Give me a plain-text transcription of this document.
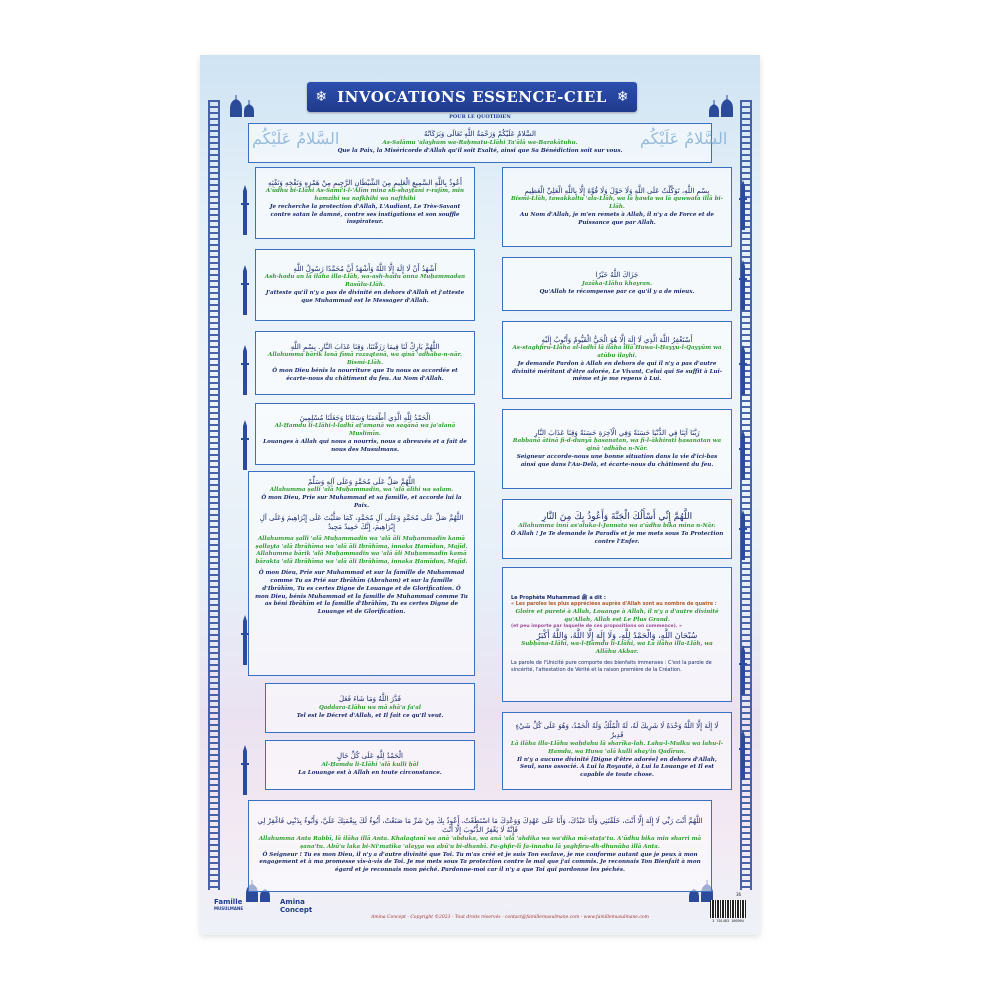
❄ INVOCATIONS ESSENCE-CIEL ❄
POUR LE QUOTIDIEN
السَّلامُ عَلَيْكُمْ وَرَحْمَةُ اللَّهِ تَعَالَى وَبَرَكَاتُهُ
As-Salāmu 'alayhum wa-Raḥmatu-Llāhi Ta'ālā wa-Barakātuhu.
Que la Paix, la Miséricorde d'Allah qu'il soit Exalté, ainsi que Sa Bénédiction soit sur vous.
السَّلامُ عَلَيْكُم	السَّلامُ عَلَيْكُم
أَعُوذُ بِاللَّهِ السَّمِيعِ الْعَلِيمِ مِنَ الشَّيْطَانِ الرَّجِيمِ مِنْ هَمْزِهِ وَنَفْخِهِ وَنَفْثِهِ
A'ūdhu bi-Llāhi As-Samī'i-l-'Alīm mina sh-shayṭāni r-rajīm, min hamzihi wa nafkhihi wa nafthihi
Je recherche la protection d'Allah, L'Audiant, Le Très-Savant contre satan le damné, contre ses instigations et son souffle inspirateur.
أَشْهَدُ أَنْ لَا إِلَهَ إِلَّا اللَّهُ وَأَشْهَدُ أَنَّ مُحَمَّدًا رَسُولُ اللَّهِ
Ash-hadu an lā ilāha illa-Llāh, wa-ash-hadu anna Muḥammadan Rasūlu-Llāh.
J'atteste qu'il n'y a pas de divinité en dehors d'Allah et j'atteste que Muhammad est le Messager d'Allah.
اللَّهُمَّ بَارِكْ لَنَا فِيمَا رَزَقْتَنَا، وَقِنَا عَذَابَ النَّارِ. بِسْمِ اللَّهِ
Allahumma bārik lanā fīmā razaqtanā, wa qinā 'adhāba-n-nār. Bismi-Llāh.
Ô mon Dieu bénis la nourriture que Tu nous as accordée et écarte-nous du châtiment du feu. Au Nom d'Allah.
الْحَمْدُ لِلَّهِ الَّذِي أَطْعَمَنَا وَسَقَانَا وَجَعَلَنَا مُسْلِمِينَ
Al-Ḥamdu li-Llāhi-l-ladhī aṭ'amanā wa saqānā wa ja'alanā Muslimīn.
Louanges à Allah qui nous a nourris, nous a abreuvés et a fait de nous des Musulmans.
اللَّهُمَّ صَلِّ عَلَى مُحَمَّدٍ وَعَلَى آلِهِ وَسَلِّمْ
Allahumma ṣalli 'alā Muḥammadin, wa 'alā ālihi wa salam.
Ô mon Dieu, Prie sur Muhammad et sa famille, et accorde lui la Paix.
اللَّهُمَّ صَلِّ عَلَى مُحَمَّدٍ وَعَلَى آلِ مُحَمَّدٍ، كَمَا صَلَّيْتَ عَلَى إِبْرَاهِيمَ وَعَلَى آلِ إِبْرَاهِيمَ، إِنَّكَ حَمِيدٌ مَجِيدٌ
Allahumma ṣalli 'alā Muḥammadin wa 'alā āli Muḥammadin kamā ṣallayta 'alā Ibrāhīma wa 'alā āli Ibrāhīma, innaka Ḥamīdun, Majīd. Allahumma bārik 'alā Muḥammadin wa 'alā āli Muḥammadin kamā bārakta 'alā Ibrāhīma wa 'alā āli Ibrāhīma, innaka Ḥamīdun, Majīd.
Ô mon Dieu, Prie sur Muhammad et sur la famille de Muhammad comme Tu as Prié sur Ibrāhīm (Abraham) et sur la famille d'Ibrāhīm, Tu es certes Digne de Louange et de Glorification. Ô mon Dieu, bénis Muhammad et la famille de Muhammad comme Tu as béni Ibrāhīm et la famille d'Ibrāhīm, Tu es certes Digne de Louange et de Glorification.
قَدَّرَ اللَّهُ وَمَا شَاءَ فَعَلَ
Qaddara-Llāhu wa mā shā'a fa'al
Tel est le Décret d'Allah, et Il fait ce qu'Il veut.
الْحَمْدُ لِلَّهِ عَلَى كُلِّ حَالٍ
Al-Ḥamdu li-Llāhi 'alā kulli ḥāl
La Louange est à Allah en toute circonstance.
بِسْمِ اللَّهِ، تَوَكَّلْتُ عَلَى اللَّهِ وَلَا حَوْلَ وَلَا قُوَّةَ إِلَّا بِاللَّهِ الْعَلِيِّ الْعَظِيمِ
Bismi-Llāh, tawakkaltu 'ala-Llāh, wa lā ḥawla wa lā quwwata illā bi-Llāh.
Au Nom d'Allah, je m'en remets à Allah, il n'y a de Force et de Puissance que par Allah.
جَزَاكَ اللَّهُ خَيْرًا
Jazāka-Llāhu khayran.
Qu'Allah te récompense par ce qu'il y a de mieux.
أَسْتَغْفِرُ اللَّهَ الَّذِي لَا إِلَهَ إِلَّا هُوَ الْحَيُّ الْقَيُّومُ وَأَتُوبُ إِلَيْهِ
As-staghfiru-Llāha al-ladhī lā ilāha illā Huwa-l-Ḥayyu-l-Qayyūm wa atūbu ilayhi.
Je demande Pardon à Allah en dehors de qui il n'y a pas d'autre divinité méritant d'être adorée, Le Vivant, Celui qui Se suffit à Lui-même et je me repens à Lui.
رَبَّنَا آتِنَا فِي الدُّنْيَا حَسَنَةً وَفِي الْآخِرَةِ حَسَنَةً وَقِنَا عَذَابَ النَّارِ
Rabbanā ātinā fi-d-dunyā ḥasanatan, wa fi-l-ākhirati ḥasanatan wa qinā 'adhāba n-Nār.
Seigneur accorde-nous une bonne situation dans la vie d'ici-bas ainsi que dans l'Au-Delà, et écarte-nous du châtiment du feu.
اللَّهُمَّ إِنِّي أَسْأَلُكَ الْجَنَّةَ وَأَعُوذُ بِكَ مِنَ النَّارِ
Allahumma innī as'aluka-l-Jannata wa a'ūdhu bika mina n-Nār.
Ô Allah ! Je Te demande le Paradis et je me mets sous Ta Protection contre l'Enfer.
Le Prophète Muhammad ﷺ a dit :
« Les paroles les plus appréciées auprès d'Allah sont au nombre de quatre :
Gloire et pureté à Allah, Louange à Allah, il n'y a d'autre divinité qu'Allah, Allah est Le Plus Grand.
(et peu importe par laquelle de ces propositions on commence). »
سُبْحَانَ اللَّهِ، وَالْحَمْدُ لِلَّهِ، وَلَا إِلَهَ إِلَّا اللَّهُ، وَاللَّهُ أَكْبَرُ
Subḥāna-Llāhi, wa-l-Ḥamdu li-Llāhi, wa Lā ilāha illa-Llāh, wa Allāhu Akbar.
La parole de l'Unicité pure comporte des bienfaits immenses : C'est la parole de sincérité, l'attestation de Vérité et la raison première de la Création.
لَا إِلَهَ إِلَّا اللَّهُ وَحْدَهُ لَا شَرِيكَ لَهُ، لَهُ الْمُلْكُ وَلَهُ الْحَمْدُ، وَهُوَ عَلَى كُلِّ شَيْءٍ قَدِيرٌ
Lā ilāha illa-Llāhu waḥdahu lā sharīka-lah. Lahu-l-Mulku wa lahu-l-Ḥamdu, wa Huwa 'alā kulli shay'in Qadīrun.
Il n'y a aucune divinité [Digne d'être adorée] en dehors d'Allah, Seul, sans associé. À Lui la Royauté, à Lui la Louange et Il est capable de toute chose.
اللَّهُمَّ أَنْتَ رَبِّي لَا إِلَهَ إِلَّا أَنْتَ، خَلَقْتَنِي وَأَنَا عَبْدُكَ، وَأَنَا عَلَى عَهْدِكَ وَوَعْدِكَ مَا اسْتَطَعْتُ، أَعُوذُ بِكَ مِنْ شَرِّ مَا صَنَعْتُ، أَبُوءُ لَكَ بِنِعْمَتِكَ عَلَيَّ، وَأَبُوءُ بِذَنْبِي فَاغْفِرْ لِي فَإِنَّهُ لَا يَغْفِرُ الذُّنُوبَ إِلَّا أَنْتَ
Allahumma Anta Rabbī, lā ilāha illā Anta. Khalaqtanī wa anā 'abduka, wa anā 'alā 'ahdika wa wa'dika mā-staṭa'tu. A'ūdhu bika min sharri mā ṣana'tu. Abū'u laka bi-Ni'matika 'alayya wa abū'u bi-dhanbī. Fa-ghfir-lī fa-innahu lā yaghfiru-dh-dhunūba illā Anta.
Ô Seigneur ! Tu es mon Dieu, il n'y a d'autre divinité que Toi. Tu m'as créé et je suis Ton esclave, je me conforme autant que je peux à mon engagement et à ma promesse vis-à-vis de Toi. Je me mets sous Ta protection contre le mal que j'ai commis. Je reconnais Ton Bienfait à mon égard et je reconnais mon péché. Pardonne-moi car il n'y a que Toi qui pardonne les péchés.
Famille
MUSULMANE
Amina
Concept
Amina Concept - Copyright ©2023 - Tout droits réservés - contact@famillemusulmane.com - www.famillemusulmane.com
36
3 701483 100904
